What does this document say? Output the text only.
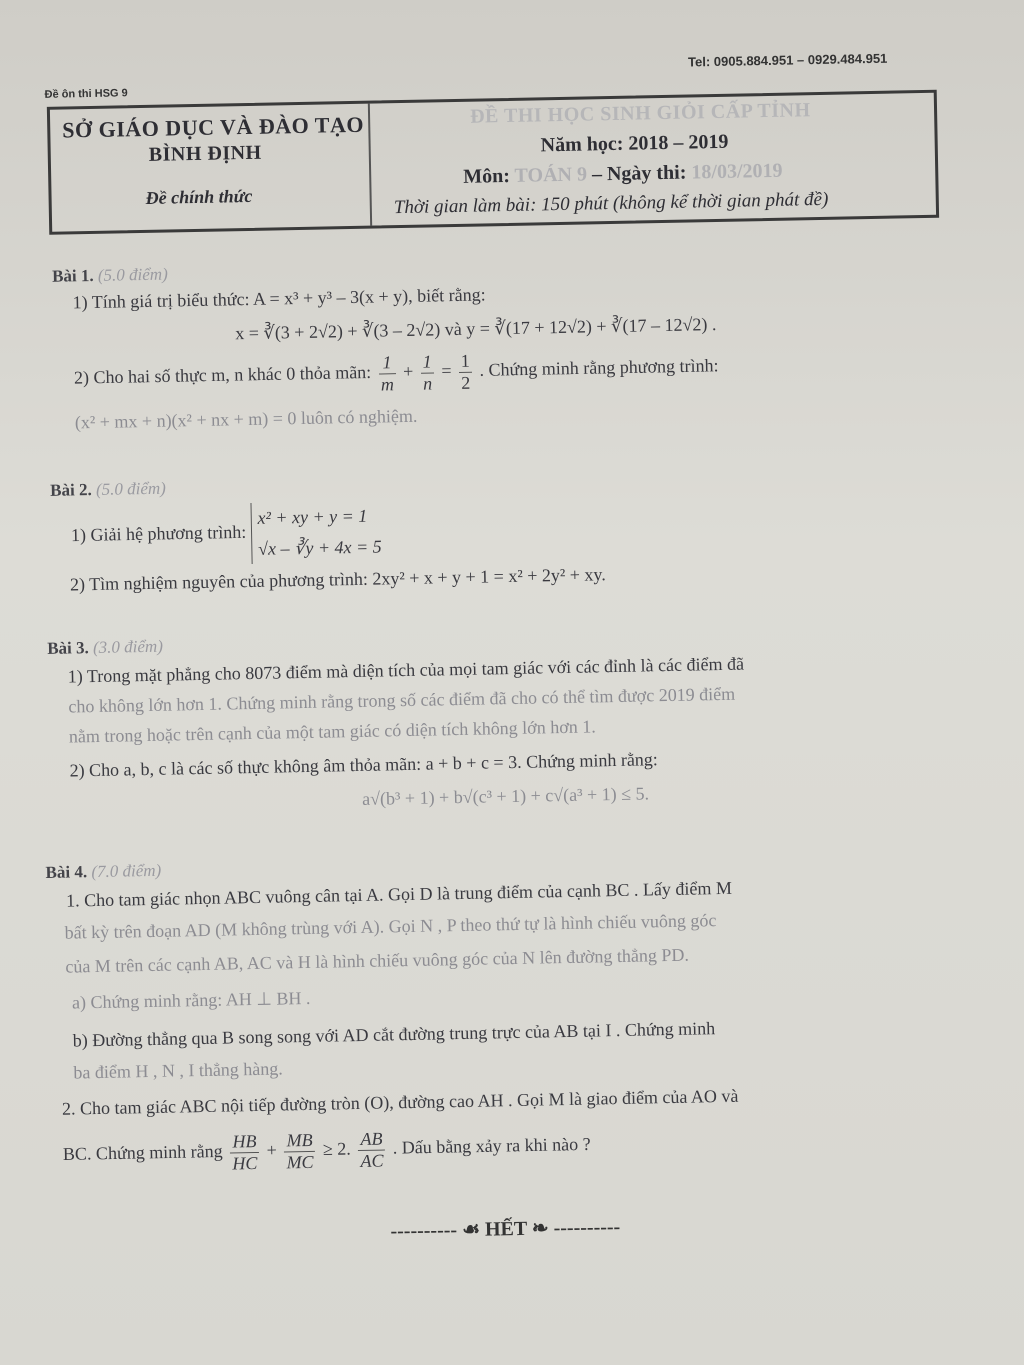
Đề ôn thi HSG 9
Tel: 0905.884.951 – 0929.484.951
SỞ GIÁO DỤC VÀ ĐÀO TẠO
BÌNH ĐỊNH
Đề chính thức
ĐỀ THI HỌC SINH GIỎI CẤP TỈNH
Năm học: 2018 – 2019
Môn: TOÁN 9 – Ngày thi: 18/03/2019
Thời gian làm bài: 150 phút (không kể thời gian phát đề)
Bài 1. (5.0 điểm)
1) Tính giá trị biểu thức: A = x³ + y³ – 3(x + y), biết rằng:
x = ∛(3 + 2√2) + ∛(3 – 2√2) và y = ∛(17 + 12√2) + ∛(17 – 12√2) .
2) Cho hai số thực m, n khác 0 thỏa mãn: $\frac{1}{m} + \frac{1}{n} = \frac{1}{2}$ . Chứng minh rằng phương trình:
(x² + mx + n)(x² + nx + m) = 0 luôn có nghiệm.
Bài 2. (5.0 điểm)
1) Giải hệ phương trình:
x² + xy + y = 1
√x – ∛y + 4x = 5
2) Tìm nghiệm nguyên của phương trình: 2xy² + x + y + 1 = x² + 2y² + xy.
Bài 3. (3.0 điểm)
1) Trong mặt phẳng cho 8073 điểm mà diện tích của mọi tam giác với các đỉnh là các điểm đã
cho không lớn hơn 1. Chứng minh rằng trong số các điểm đã cho có thể tìm được 2019 điểm
nằm trong hoặc trên cạnh của một tam giác có diện tích không lớn hơn 1.
2) Cho a, b, c là các số thực không âm thỏa mãn: a + b + c = 3. Chứng minh rằng:
a√(b³ + 1) + b√(c³ + 1) + c√(a³ + 1) ≤ 5.
Bài 4. (7.0 điểm)
1. Cho tam giác nhọn ABC vuông cân tại A. Gọi D là trung điểm của cạnh BC . Lấy điểm M
bất kỳ trên đoạn AD (M không trùng với A). Gọi N , P theo thứ tự là hình chiếu vuông góc
của M trên các cạnh AB, AC và H là hình chiếu vuông góc của N lên đường thẳng PD.
a) Chứng minh rằng: AH ⊥ BH .
b) Đường thẳng qua B song song với AD cắt đường trung trực của AB tại I . Chứng minh
ba điểm H , N , I thẳng hàng.
2. Cho tam giác ABC nội tiếp đường tròn (O), đường cao AH . Gọi M là giao điểm của AO và
BC. Chứng minh rằng $\frac{HB}{HC} + \frac{MB}{MC} \ge 2$. $\frac{AB}{AC}$ . Dấu bằng xảy ra khi nào ?
---------- ☙ HẾT ❧ ----------
